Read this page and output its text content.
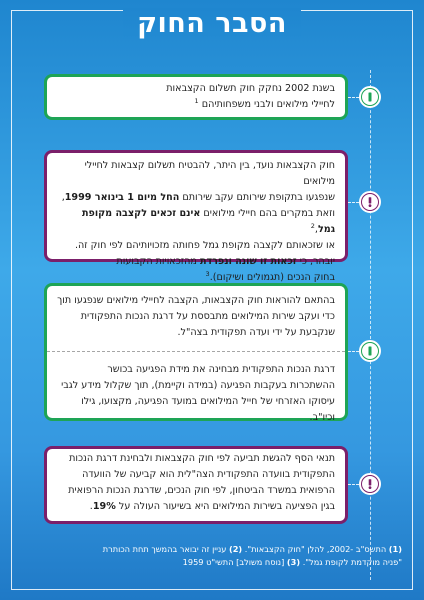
הסבר החוק

בשנת 2002 נחקק חוק תשלום הקצבאות

לחיילי מילואים ולבני משפחותיהם $^1$

חוק הקצבאות נועד, בין היתר, להבטיח תשלום קצבאות לחיילי מילואים

שנפגעו בתקופת שירותם עקב שירותם החל מיום 1 בינואר 1999,

וזאת במקרים בהם חיילי מילואים אינם זכאים לקצבה מקופת גמל,$^2$

או שזכאותם לקצבה מקופת גמל פחותה מזכויותיהם לפי חוק זה.

יובהר, כי זכאות זו שונה ונפרדת מהזכאויות הקבועות

בחוק הנכים (תגמולים ושיקום).$^3$

בהתאם להוראות חוק הקצבאות, הקצבה לחיילי מילואים שנפגעו תוך

כדי ועקב שירות המילואים מתבססת על דרגת הנכות התפקודית

שנקבעת על ידי ועדה תפקודית בצה"ל.

דרגת הנכות התפקודית מבחינה את מידת הפגיעה בכושר

ההשתכרות בעקבות הפגיעה (במידה וקיימת), תוך שקלול מידע לגבי

עיסוקו האזרחי של חייל המילואים במועד הפגיעה, מקצועו, גילו וכיו"ב.

תנאי הסף להגשת תביעה לפי חוק הקצבאות ולבחינת דרגת הנכות

התפקודית בוועדה התפקודית הצה"לית הוא קביעה של הוועדה

הרפואית במשרד הביטחון, לפי חוק הנכים, שדרגת הנכות הרפואית

בגין הפציעה בשירות המילואים היא בשיעור העולה על 19%.

(1) התשס"ב -2002, להלן "חוק הקצבאות". (2) עניין זה יבואר בהמשך תחת הכותרת

"פניה מוקדמת לקופת גמל". (3) [נוסח משולב] התשי"ט 1959
